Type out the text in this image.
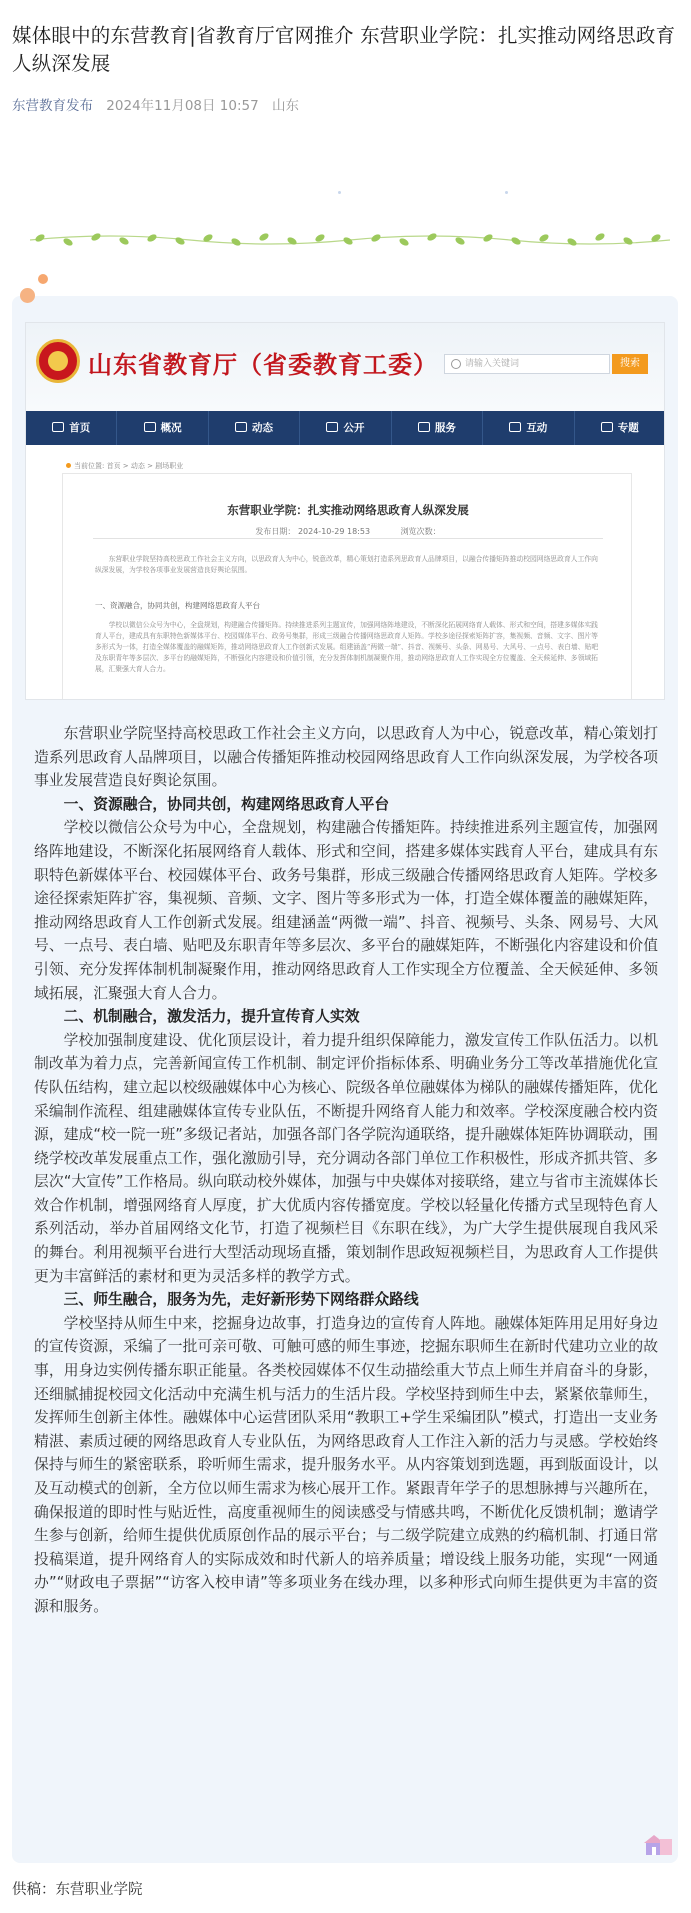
媒体眼中的东营教育|省教育厅官网推介 东营职业学院：扎实推动网络思政育人纵深发展
东营教育发布 2024年11月08日 10:57 山东
山东省教育厅（省委教育工委）	请输入关键词	搜索
首页	概况	动态	公开	服务	互动	专题
当前位置: 首页 > 动态 > 剧场职业
东营职业学院：扎实推动网络思政育人纵深发展
发布日期： 2024-10-29 18:53	浏览次数：
东营职业学院坚持高校思政工作社会主义方向，以思政育人为中心，锐意改革，精心策划打造系列思政育人品牌项目，以融合传播矩阵推动校园网络思政育人工作向纵深发展，为学校各项事业发展营造良好舆论氛围。
一、资源融合，协同共创，构建网络思政育人平台
学校以微信公众号为中心，全盘规划，构建融合传播矩阵。持续推进系列主题宣传，加强网络阵地建设，不断深化拓展网络育人载体、形式和空间，搭建多媒体实践育人平台，建成具有东职特色新媒体平台、校园媒体平台、政务号集群，形成三级融合传播网络思政育人矩阵。学校多途径探索矩阵扩容，集视频、音频、文字、图片等多形式为一体，打造全媒体覆盖的融媒矩阵，推动网络思政育人工作创新式发展。组建涵盖“两微一端”、抖音、视频号、头条、网易号、大风号、一点号、表白墙、贴吧及东职青年等多层次、多平台的融媒矩阵，不断强化内容建设和价值引领，充分发挥体制机制凝聚作用，推动网络思政育人工作实现全方位覆盖、全天候延伸、多领域拓展，汇聚强大育人合力。

东营职业学院坚持高校思政工作社会主义方向，以思政育人为中心，锐意改革，精心策划打造系列思政育人品牌项目，以融合传播矩阵推动校园网络思政育人工作向纵深发展，为学校各项事业发展营造良好舆论氛围。

一、资源融合，协同共创，构建网络思政育人平台

学校以微信公众号为中心，全盘规划，构建融合传播矩阵。持续推进系列主题宣传，加强网络阵地建设，不断深化拓展网络育人载体、形式和空间，搭建多媒体实践育人平台，建成具有东职特色新媒体平台、校园媒体平台、政务号集群，形成三级融合传播网络思政育人矩阵。学校多途径探索矩阵扩容，集视频、音频、文字、图片等多形式为一体，打造全媒体覆盖的融媒矩阵，推动网络思政育人工作创新式发展。组建涵盖“两微一端”、抖音、视频号、头条、网易号、大风号、一点号、表白墙、贴吧及东职青年等多层次、多平台的融媒矩阵，不断强化内容建设和价值引领、充分发挥体制机制凝聚作用，推动网络思政育人工作实现全方位覆盖、全天候延伸、多领域拓展，汇聚强大育人合力。

二、机制融合，激发活力，提升宣传育人实效

学校加强制度建设、优化顶层设计，着力提升组织保障能力，激发宣传工作队伍活力。以机制改革为着力点，完善新闻宣传工作机制、制定评价指标体系、明确业务分工等改革措施优化宣传队伍结构，建立起以校级融媒体中心为核心、院级各单位融媒体为梯队的融媒传播矩阵，优化采编制作流程、组建融媒体宣传专业队伍，不断提升网络育人能力和效率。学校深度融合校内资源，建成“校一院一班”多级记者站，加强各部门各学院沟通联络，提升融媒体矩阵协调联动，围绕学校改革发展重点工作，强化激励引导，充分调动各部门单位工作积极性，形成齐抓共管、多层次“大宣传”工作格局。纵向联动校外媒体，加强与中央媒体对接联络，建立与省市主流媒体长效合作机制，增强网络育人厚度，扩大优质内容传播宽度。学校以轻量化传播方式呈现特色育人系列活动，举办首届网络文化节，打造了视频栏目《东职在线》，为广大学生提供展现自我风采的舞台。利用视频平台进行大型活动现场直播，策划制作思政短视频栏目，为思政育人工作提供更为丰富鲜活的素材和更为灵活多样的教学方式。

三、师生融合，服务为先，走好新形势下网络群众路线

学校坚持从师生中来，挖掘身边故事，打造身边的宣传育人阵地。融媒体矩阵用足用好身边的宣传资源，采编了一批可亲可敬、可触可感的师生事迹，挖掘东职师生在新时代建功立业的故事，用身边实例传播东职正能量。各类校园媒体不仅生动描绘重大节点上师生并肩奋斗的身影，还细腻捕捉校园文化活动中充满生机与活力的生活片段。学校坚持到师生中去，紧紧依靠师生，发挥师生创新主体性。融媒体中心运营团队采用“教职工+学生采编团队”模式，打造出一支业务精湛、素质过硬的网络思政育人专业队伍，为网络思政育人工作注入新的活力与灵感。学校始终保持与师生的紧密联系，聆听师生需求，提升服务水平。从内容策划到选题，再到版面设计，以及互动模式的创新，全方位以师生需求为核心展开工作。紧跟青年学子的思想脉搏与兴趣所在，确保报道的即时性与贴近性，高度重视师生的阅读感受与情感共鸣，不断优化反馈机制；邀请学生参与创新，给师生提供优质原创作品的展示平台；与二级学院建立成熟的约稿机制、打通日常投稿渠道，提升网络育人的实际成效和时代新人的培养质量；增设线上服务功能，实现“一网通办”“财政电子票据”“访客入校申请”等多项业务在线办理，以多种形式向师生提供更为丰富的资源和服务。

供稿：东营职业学院
